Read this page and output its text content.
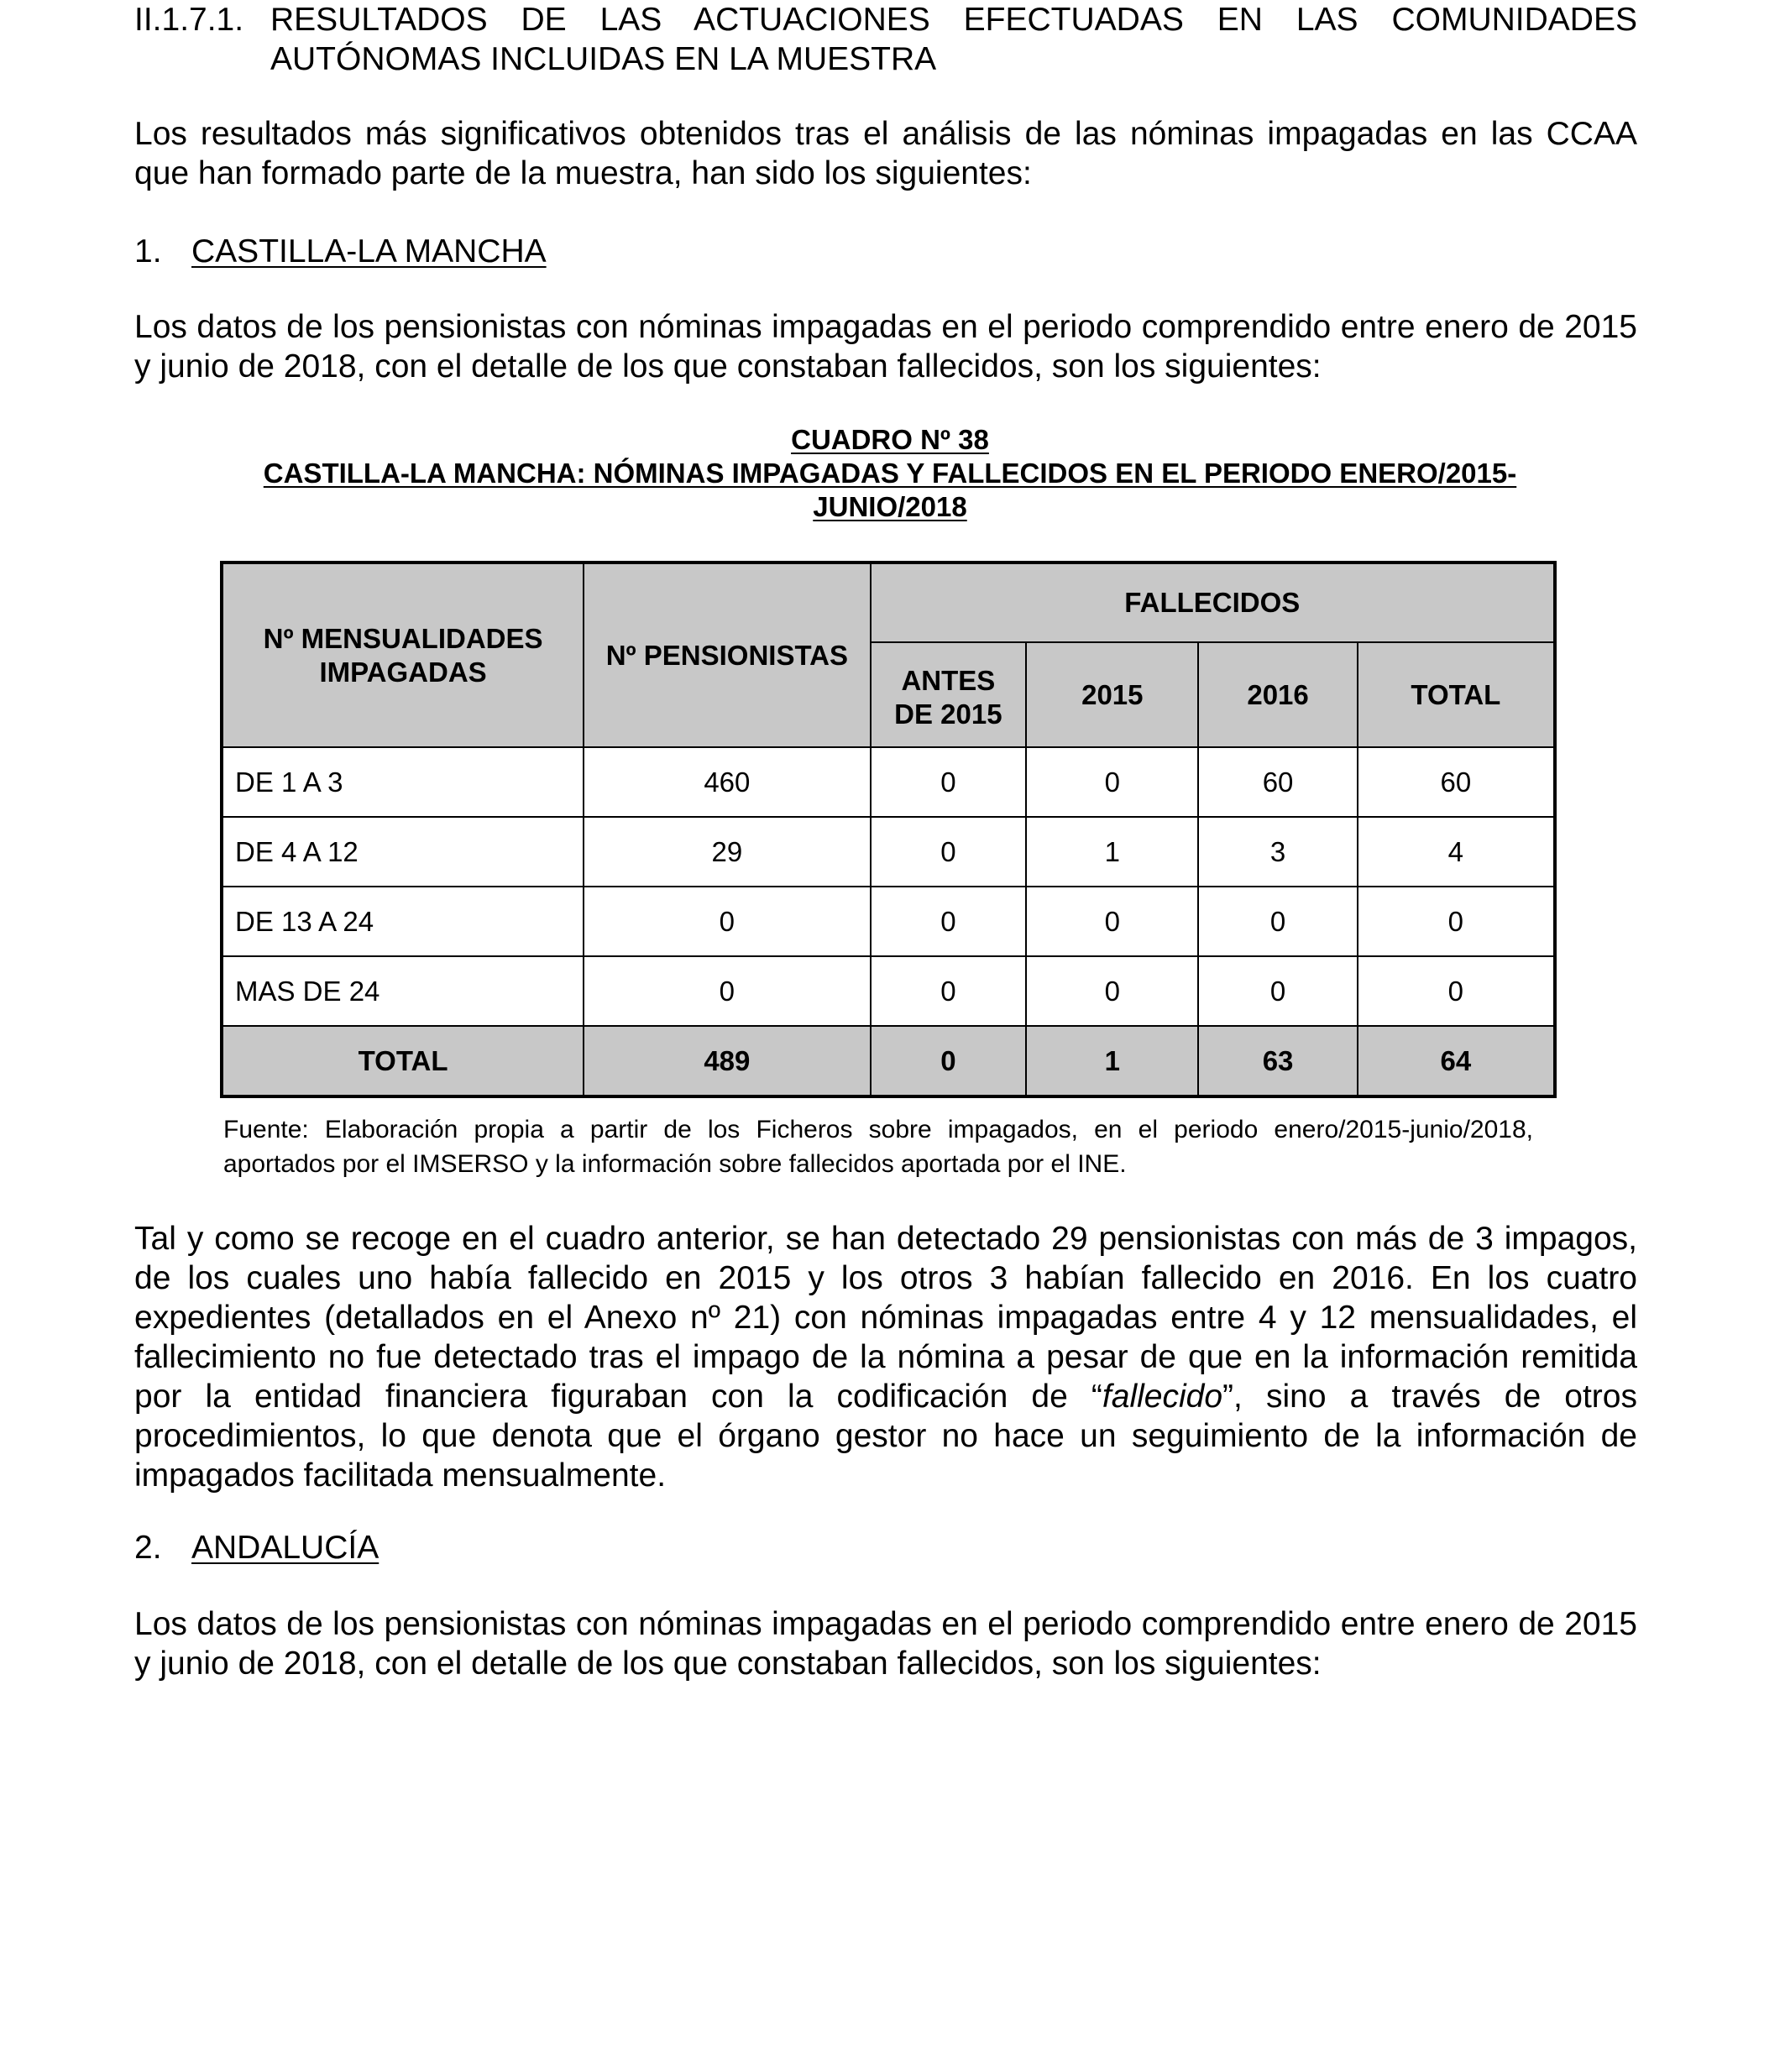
II.1.7.1. RESULTADOS DE LAS ACTUACIONES EFECTUADAS EN LAS COMUNIDADES
AUTÓNOMAS INCLUIDAS EN LA MUESTRA

Los resultados más significativos obtenidos tras el análisis de las nóminas impagadas en las CCAA que han formado parte de la muestra, han sido los siguientes:

1. CASTILLA-LA MANCHA

Los datos de los pensionistas con nóminas impagadas en el periodo comprendido entre enero de 2015 y junio de 2018, con el detalle de los que constaban fallecidos, son los siguientes:

CUADRO Nº 38
CASTILLA-LA MANCHA: NÓMINAS IMPAGADAS Y FALLECIDOS EN EL PERIODO ENERO/2015-
JUNIO/2018
Nº MENSUALIDADES IMPAGADAS	Nº PENSIONISTAS	FALLECIDOS			
		ANTES DE 2015	2015	2016	TOTAL
DE 1 A 3	460	0	0	60	60
DE 4 A 12	29	0	1	3	4
DE 13 A 24	0	0	0	0	0
MAS DE 24	0	0	0	0	0
TOTAL	489	0	1	63	64

Fuente: Elaboración propia a partir de los Ficheros sobre impagados, en el periodo enero/2015-junio/2018, aportados por el IMSERSO y la información sobre fallecidos aportada por el INE.

Tal y como se recoge en el cuadro anterior, se han detectado 29 pensionistas con más de 3 impagos, de los cuales uno había fallecido en 2015 y los otros 3 habían fallecido en 2016. En los cuatro expedientes (detallados en el Anexo nº 21) con nóminas impagadas entre 4 y 12 mensualidades, el fallecimiento no fue detectado tras el impago de la nómina a pesar de que en la información remitida por la entidad financiera figuraban con la codificación de “fallecido”, sino a través de otros procedimientos, lo que denota que el órgano gestor no hace un seguimiento de la información de impagados facilitada mensualmente.

2. ANDALUCÍA

Los datos de los pensionistas con nóminas impagadas en el periodo comprendido entre enero de 2015 y junio de 2018, con el detalle de los que constaban fallecidos, son los siguientes:
